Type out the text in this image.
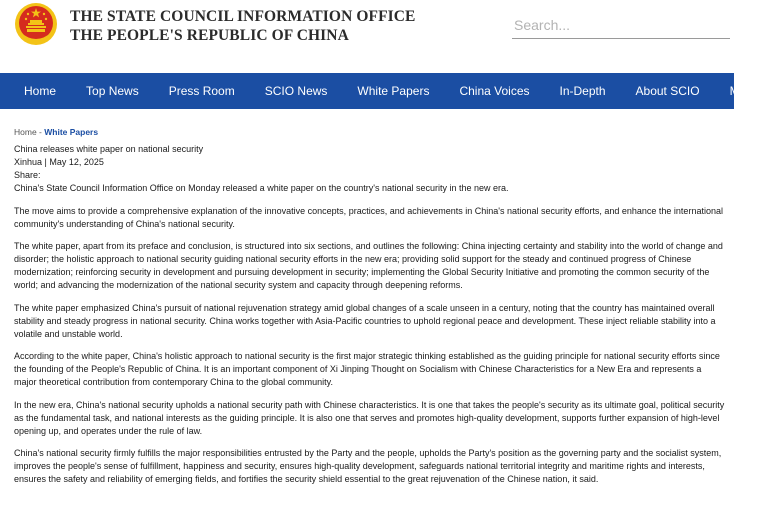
THE STATE COUNCIL INFORMATION OFFICE
THE PEOPLE'S REPUBLIC OF CHINA
Search...
Home	Top News	Press Room	SCIO News	White Papers	China Voices	In-Depth	About SCIO	More ∨
Home - White Papers
China releases white paper on national security
Xinhua | May 12, 2025
Share:

China's State Council Information Office on Monday released a white paper on the country's national security in the new era.

The move aims to provide a comprehensive explanation of the innovative concepts, practices, and achievements in China's national security efforts, and enhance the international community's understanding of China's national security.

The white paper, apart from its preface and conclusion, is structured into six sections, and outlines the following: China injecting certainty and stability into the world of change and disorder; the holistic approach to national security guiding national security efforts in the new era; providing solid support for the steady and continued progress of Chinese modernization; reinforcing security in development and pursuing development in security; implementing the Global Security Initiative and promoting the common security of the world; and advancing the modernization of the national security system and capacity through deepening reforms.

The white paper emphasized China's pursuit of national rejuvenation strategy amid global changes of a scale unseen in a century, noting that the country has maintained overall stability and steady progress in national security. China works together with Asia-Pacific countries to uphold regional peace and development. These inject reliable stability into a volatile and unstable world.

According to the white paper, China's holistic approach to national security is the first major strategic thinking established as the guiding principle for national security efforts since the founding of the People's Republic of China. It is an important component of Xi Jinping Thought on Socialism with Chinese Characteristics for a New Era and represents a major theoretical contribution from contemporary China to the global community.

In the new era, China's national security upholds a national security path with Chinese characteristics. It is one that takes the people's security as its ultimate goal, political security as the fundamental task, and national interests as the guiding principle. It is also one that serves and promotes high-quality development, supports further expansion of high-level opening up, and operates under the rule of law.

China's national security firmly fulfills the major responsibilities entrusted by the Party and the people, upholds the Party's position as the governing party and the socialist system, improves the people's sense of fulfillment, happiness and security, ensures high-quality development, safeguards national territorial integrity and maritime rights and interests, ensures the safety and reliability of emerging fields, and fortifies the security shield essential to the great rejuvenation of the Chinese nation, it said.
